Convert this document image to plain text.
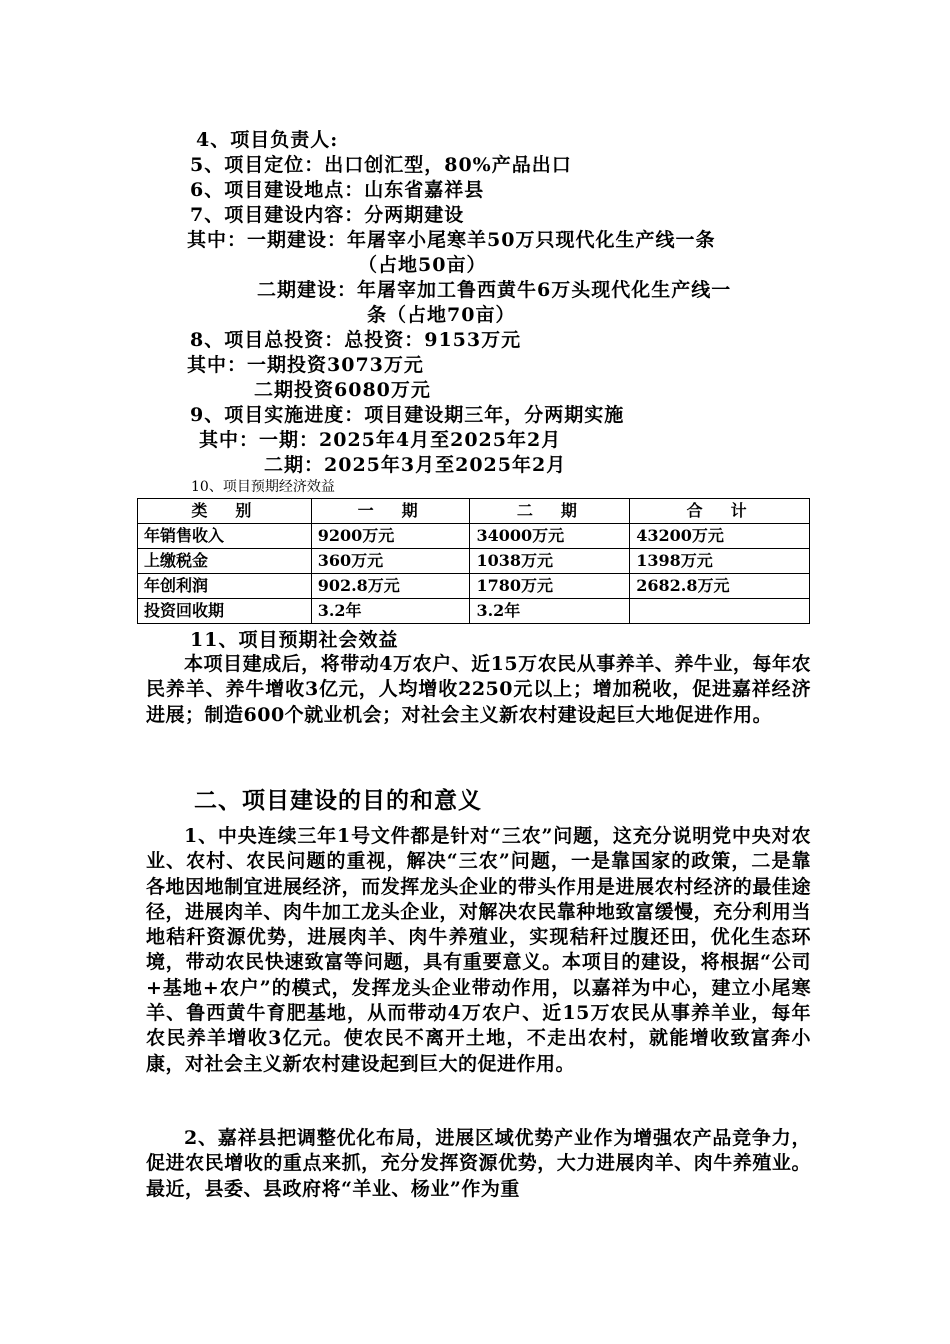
4、项目负责人:
5、项目定位：出口创汇型，80%产品出口
6、项目建设地点：山东省嘉祥县
7、项目建设内容：分两期建设
其中：一期建设：年屠宰小尾寒羊50万只现代化生产线一条
（占地50亩）
二期建设：年屠宰加工鲁西黄牛6万头现代化生产线一
条（占地70亩）
8、项目总投资：总投资：9153万元
其中：一期投资3073万元
二期投资6080万元
9、项目实施进度：项目建设期三年，分两期实施
其中：一期：2025年4月至2025年2月
二期：2025年3月至2025年2月
10、项目预期经济效益
类　别	一　期	二　期	合　计
年销售收入	9200万元	34000万元	43200万元
上缴税金	360万元	1038万元	1398万元
年创利润	902.8万元	1780万元	2682.8万元
投资回收期	3.2年	3.2年	
11、项目预期社会效益
本项目建成后，将带动4万农户、近15万农民从事养羊、养牛业，每年农民养羊、养牛增收3亿元，人均增收2250元以上；增加税收，促进嘉祥经济进展；制造600个就业机会；对社会主义新农村建设起巨大地促进作用。
二、项目建设的目的和意义
1、中央连续三年1号文件都是针对“三农”问题，这充分说明党中央对农业、农村、农民问题的重视，解决“三农”问题，一是靠国家的政策，二是靠各地因地制宜进展经济，而发挥龙头企业的带头作用是进展农村经济的最佳途径，进展肉羊、肉牛加工龙头企业，对解决农民靠种地致富缓慢，充分利用当地秸秆资源优势，进展肉羊、肉牛养殖业，实现秸秆过腹还田，优化生态环境，带动农民快速致富等问题，具有重要意义。本项目的建设，将根据“公司+基地+农户”的模式，发挥龙头企业带动作用，以嘉祥为中心，建立小尾寒羊、鲁西黄牛育肥基地，从而带动4万农户、近15万农民从事养羊业，每年农民养羊增收3亿元。使农民不离开土地，不走出农村，就能增收致富奔小康，对社会主义新农村建设起到巨大的促进作用。
2、嘉祥县把调整优化布局，进展区域优势产业作为增强农产品竞争力，促进农民增收的重点来抓，充分发挥资源优势，大力进展肉羊、肉牛养殖业。最近，县委、县政府将“羊业、杨业”作为重
